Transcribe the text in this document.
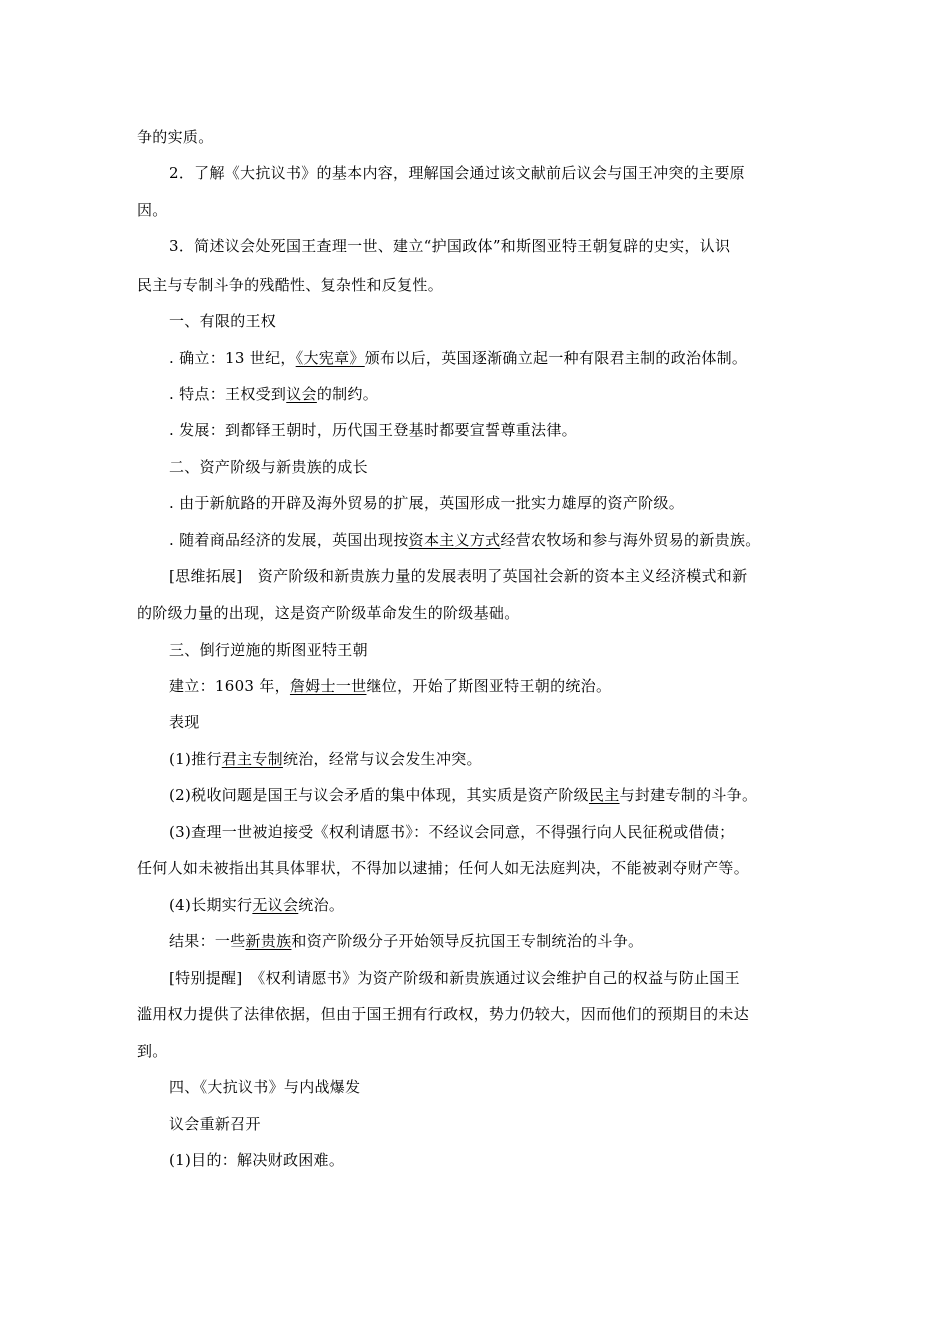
争的实质。
2．了解《大抗议书》的基本内容，理解国会通过该文献前后议会与国王冲突的主要原
因。
3．简述议会处死国王查理一世、建立“护国政体”和斯图亚特王朝复辟的史实，认识
民主与专制斗争的残酷性、复杂性和反复性。
一、有限的王权
. 确立：13 世纪，《大宪章》颁布以后，英国逐渐确立起一种有限君主制的政治体制。
. 特点：王权受到议会的制约。
. 发展：到都铎王朝时，历代国王登基时都要宣誓尊重法律。
二、资产阶级与新贵族的成长
. 由于新航路的开辟及海外贸易的扩展，英国形成一批实力雄厚的资产阶级。
. 随着商品经济的发展，英国出现按资本主义方式经营农牧场和参与海外贸易的新贵族。
[思维拓展]　资产阶级和新贵族力量的发展表明了英国社会新的资本主义经济模式和新
的阶级力量的出现，这是资产阶级革命发生的阶级基础。
三、倒行逆施的斯图亚特王朝
建立：1603 年，詹姆士一世继位，开始了斯图亚特王朝的统治。
表现
(1)推行君主专制统治，经常与议会发生冲突。
(2)税收问题是国王与议会矛盾的集中体现，其实质是资产阶级民主与封建专制的斗争。
(3)查理一世被迫接受《权利请愿书》：不经议会同意，不得强行向人民征税或借债；
任何人如未被指出其具体罪状，不得加以逮捕；任何人如无法庭判决，不能被剥夺财产等。
(4)长期实行无议会统治。
结果：一些新贵族和资产阶级分子开始领导反抗国王专制统治的斗争。
[特别提醒]　《权利请愿书》为资产阶级和新贵族通过议会维护自己的权益与防止国王
滥用权力提供了法律依据，但由于国王拥有行政权，势力仍较大，因而他们的预期目的未达
到。
四、《大抗议书》与内战爆发
议会重新召开
(1)目的：解决财政困难。
